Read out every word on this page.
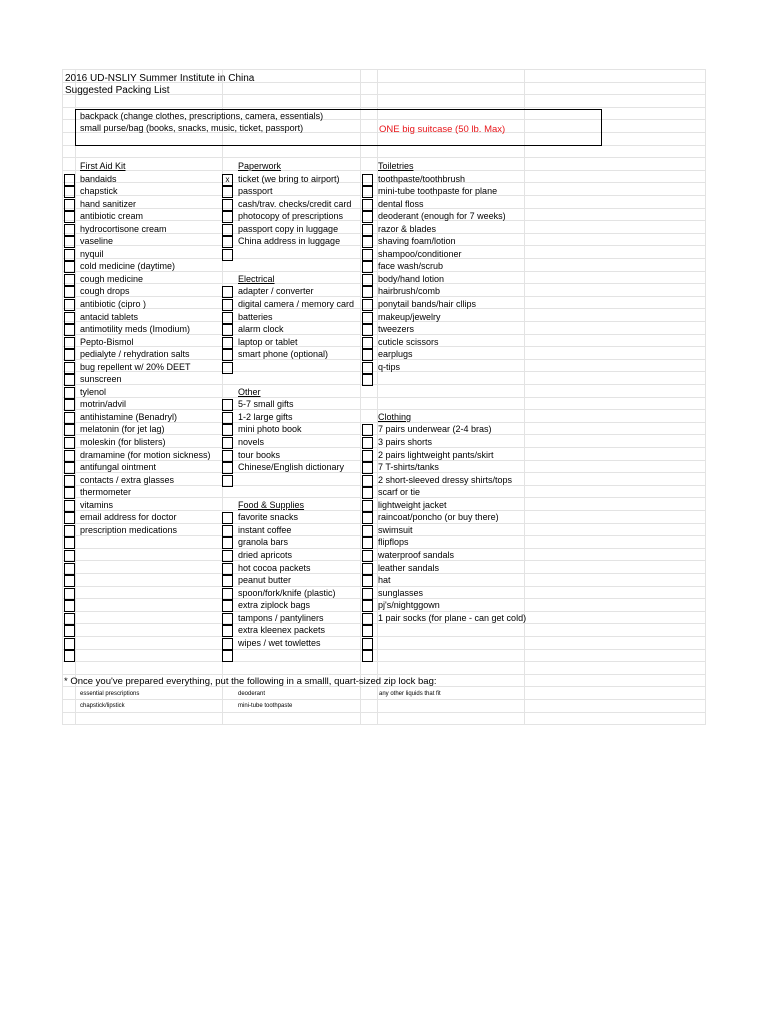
2016 UD-NSLIY Summer Institute in China
Suggested Packing List
backpack (change clothes, prescriptions, camera, essentials)
small purse/bag (books, snacks, music, ticket, passport)	ONE big suitcase (50 lb. Max)
First Aid Kit
bandaids
chapstick
hand sanitizer
antibiotic cream
hydrocortisone cream
vaseline
nyquil
cold medicine (daytime)
cough medicine
cough drops
antibiotic (cipro )
antacid tablets
antimotility meds (Imodium)
Pepto-Bismol
pedialyte / rehydration salts
bug repellent w/ 20% DEET
sunscreen
tylenol
motrin/advil
antihistamine (Benadryl)
melatonin (for jet lag)
moleskin (for blisters)
dramamine (for motion sickness)
antifungal ointment
contacts / extra glasses
thermometer
vitamins
email address for doctor
prescription medications
Paperwork
x ticket (we bring to airport)
passport
cash/trav. checks/credit card
photocopy of prescriptions
passport copy in luggage
China address in luggage
Electrical
adapter / converter
digital camera / memory card
batteries
alarm clock
laptop or tablet
smart phone (optional)
Other
5-7 small gifts
1-2 large gifts
mini photo book
novels
tour books
Chinese/English dictionary
Food & Supplies
favorite snacks
instant coffee
granola bars
dried apricots
hot cocoa packets
peanut butter
spoon/fork/knife (plastic)
extra ziplock bags
tampons / pantyliners
extra kleenex packets
wipes / wet towlettes
Toiletries
toothpaste/toothbrush
mini-tube toothpaste for plane
dental floss
deoderant (enough for 7 weeks)
razor & blades
shaving foam/lotion
shampoo/conditioner
face wash/scrub
body/hand lotion
hairbrush/comb
ponytail bands/hair cllips
makeup/jewelry
tweezers
cuticle scissors
earplugs
q-tips
Clothing
7 pairs underwear (2-4 bras)
3 pairs shorts
2 pairs lightweight pants/skirt
7 T-shirts/tanks
2 short-sleeved dressy shirts/tops
scarf or tie
lightweight jacket
raincoat/poncho (or buy there)
swimsuit
flipflops
waterproof sandals
leather sandals
hat
sunglasses
pj's/nightggown
1 pair socks (for plane - can get cold)
* Once you've prepared everything, put the following in a smalll, quart-sized zip lock bag:
essential prescriptions	deoderant	any other liquids that fit
chapstick/lipstick	mini-tube toothpaste
